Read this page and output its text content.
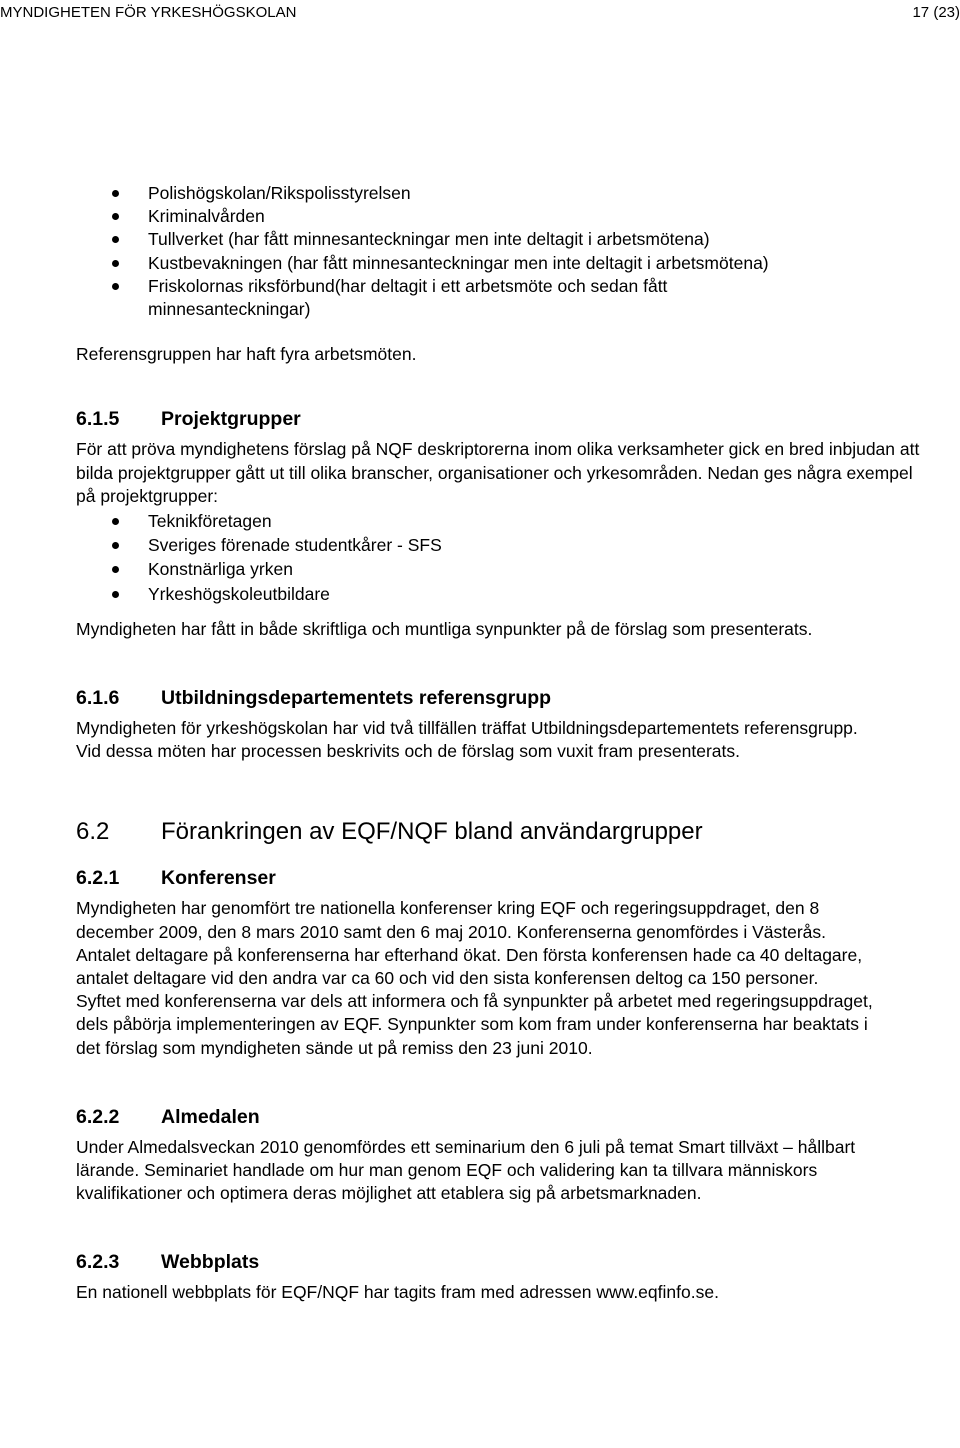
MYNDIGHETEN FÖR YRKESHÖGSKOLAN	17 (23)
Polishögskolan/Rikspolisstyrelsen
Kriminalvården
Tullverket (har fått minnesanteckningar men inte deltagit i arbetsmötena)
Kustbevakningen (har fått minnesanteckningar men inte deltagit i arbetsmötena)
Friskolornas riksförbund(har deltagit i ett arbetsmöte och sedan fått minnesanteckningar)

Referensgruppen har haft fyra arbetsmöten.

6.1.5	Projektgrupper

För att pröva myndighetens förslag på NQF deskriptorerna inom olika verksamheter gick en bred inbjudan att bilda projektgrupper gått ut till olika branscher, organisationer och yrkesområden. Nedan ges några exempel på projektgrupper:

Teknikföretagen
Sveriges förenade studentkårer - SFS
Konstnärliga yrken
Yrkeshögskoleutbildare

Myndigheten har fått in både skriftliga och muntliga synpunkter på de förslag som presenterats.

6.1.6	Utbildningsdepartementets referensgrupp

Myndigheten för yrkeshögskolan har vid två tillfällen träffat Utbildningsdepartementets referensgrupp. Vid dessa möten har processen beskrivits och de förslag som vuxit fram presenterats.

6.2	Förankringen av EQF/NQF bland användargrupper
6.2.1	Konferenser

Myndigheten har genomfört tre nationella konferenser kring EQF och regeringsuppdraget, den 8 december 2009, den 8 mars 2010 samt den 6 maj 2010. Konferenserna genomfördes i Västerås. Antalet deltagare på konferenserna har efterhand ökat. Den första konferensen hade ca 40 deltagare, antalet deltagare vid den andra var ca 60 och vid den sista konferensen deltog ca 150 personer.

Syftet med konferenserna var dels att informera och få synpunkter på arbetet med regeringsuppdraget, dels påbörja implementeringen av EQF. Synpunkter som kom fram under konferenserna har beaktats i det förslag som myndigheten sände ut på remiss den 23 juni 2010.

6.2.2	Almedalen

Under Almedalsveckan 2010 genomfördes ett seminarium den 6 juli på temat Smart tillväxt – hållbart lärande. Seminariet handlade om hur man genom EQF och validering kan ta tillvara människors kvalifikationer och optimera deras möjlighet att etablera sig på arbetsmarknaden.

6.2.3	Webbplats

En nationell webbplats för EQF/NQF har tagits fram med adressen www.eqfinfo.se.
